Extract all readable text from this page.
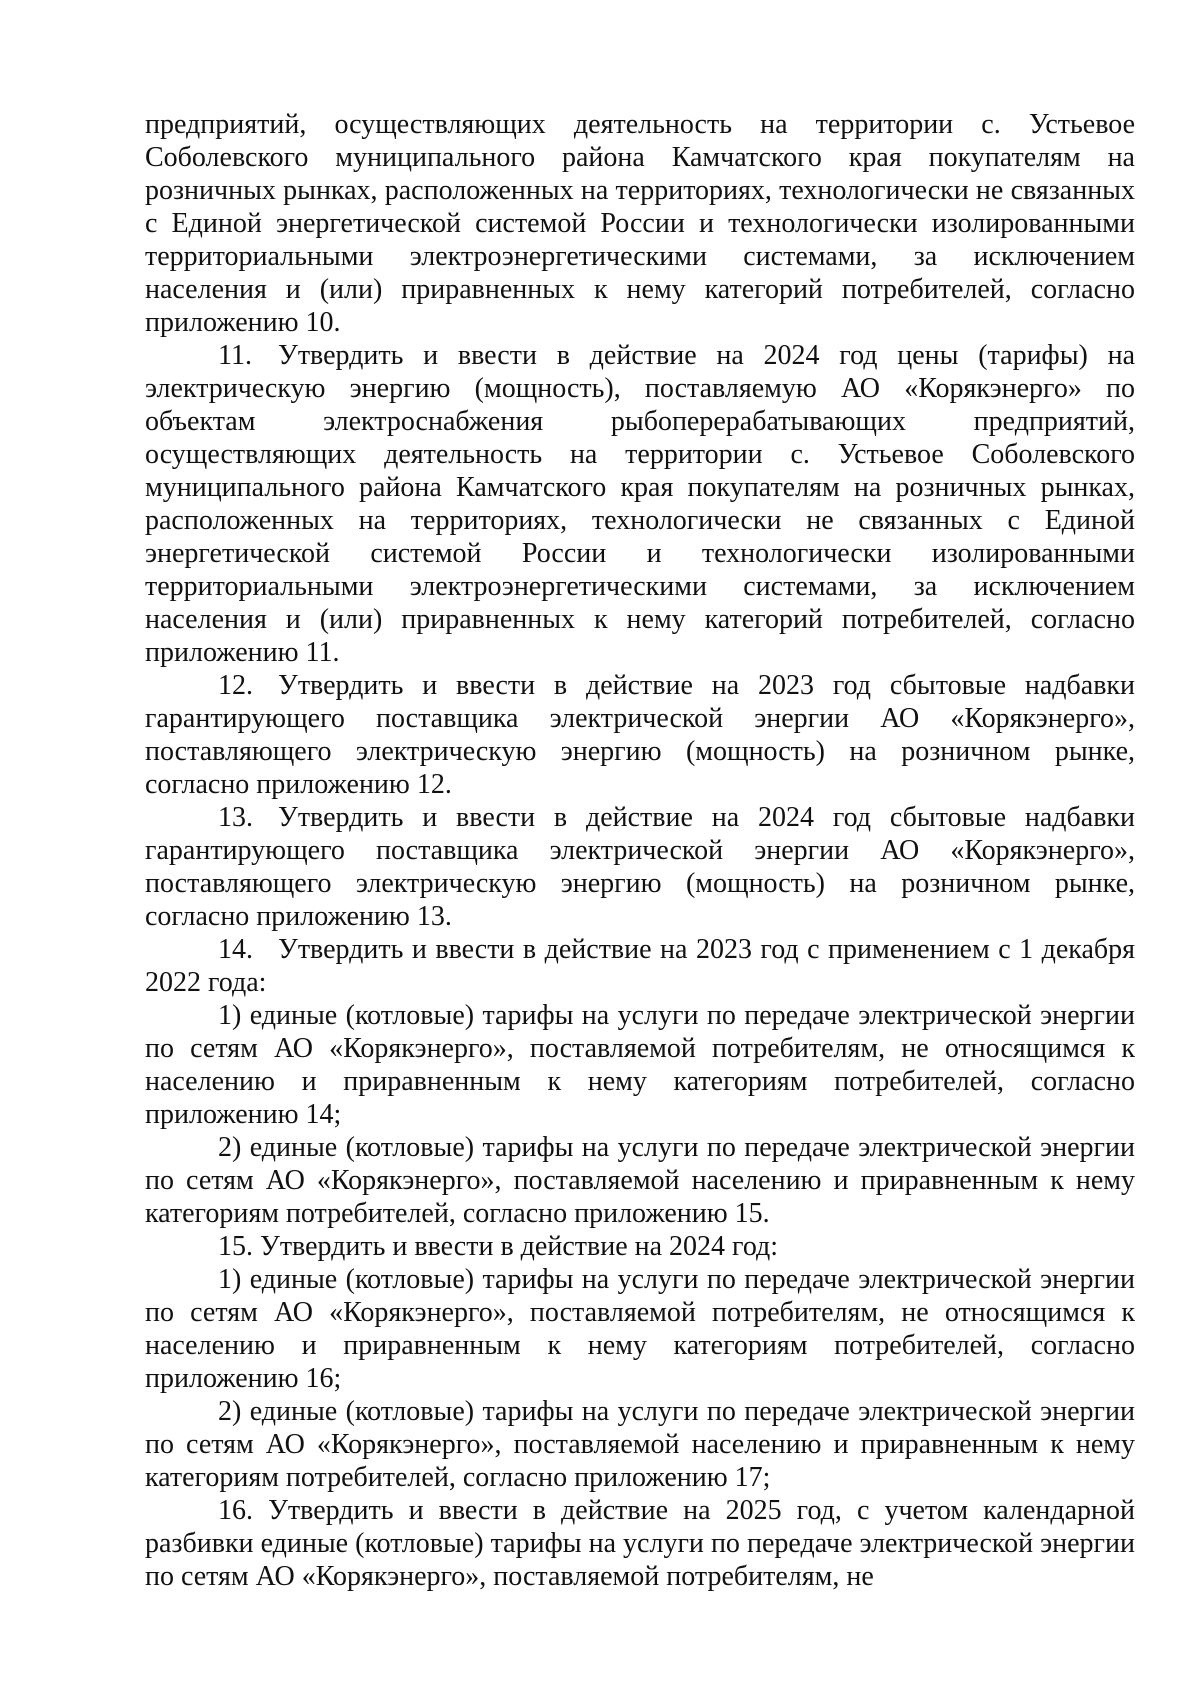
предприятий, осуществляющих деятельность на территории с. Устьевое Соболевского муниципального района Камчатского края покупателям на розничных рынках, расположенных на территориях, технологически не связанных с Единой энергетической системой России и технологически изолированными территориальными электроэнергетическими системами, за исключением населения и (или) приравненных к нему категорий потребителей, согласно приложению 10.

11. Утвердить и ввести в действие на 2024 год цены (тарифы) на электрическую энергию (мощность), поставляемую АО «Корякэнерго» по объектам электроснабжения рыбоперерабатывающих предприятий, осуществляющих деятельность на территории с. Устьевое Соболевского муниципального района Камчатского края покупателям на розничных рынках, расположенных на территориях, технологически не связанных с Единой энергетической системой России и технологически изолированными территориальными электроэнергетическими системами, за исключением населения и (или) приравненных к нему категорий потребителей, согласно приложению 11.

12. Утвердить и ввести в действие на 2023 год сбытовые надбавки гарантирующего поставщика электрической энергии АО «Корякэнерго», поставляющего электрическую энергию (мощность) на розничном рынке, согласно приложению 12.

13. Утвердить и ввести в действие на 2024 год сбытовые надбавки гарантирующего поставщика электрической энергии АО «Корякэнерго», поставляющего электрическую энергию (мощность) на розничном рынке, согласно приложению 13.

14. Утвердить и ввести в действие на 2023 год с применением с 1 декабря 2022 года:

1) единые (котловые) тарифы на услуги по передаче электрической энергии по сетям АО «Корякэнерго», поставляемой потребителям, не относящимся к населению и приравненным к нему категориям потребителей, согласно приложению 14;

2) единые (котловые) тарифы на услуги по передаче электрической энергии по сетям АО «Корякэнерго», поставляемой населению и приравненным к нему категориям потребителей, согласно приложению 15.

15. Утвердить и ввести в действие на 2024 год:

1) единые (котловые) тарифы на услуги по передаче электрической энергии по сетям АО «Корякэнерго», поставляемой потребителям, не относящимся к населению и приравненным к нему категориям потребителей, согласно приложению 16;

2) единые (котловые) тарифы на услуги по передаче электрической энергии по сетям АО «Корякэнерго», поставляемой населению и приравненным к нему категориям потребителей, согласно приложению 17;

16. Утвердить и ввести в действие на 2025 год, с учетом календарной разбивки единые (котловые) тарифы на услуги по передаче электрической энергии по сетям АО «Корякэнерго», поставляемой потребителям, не
